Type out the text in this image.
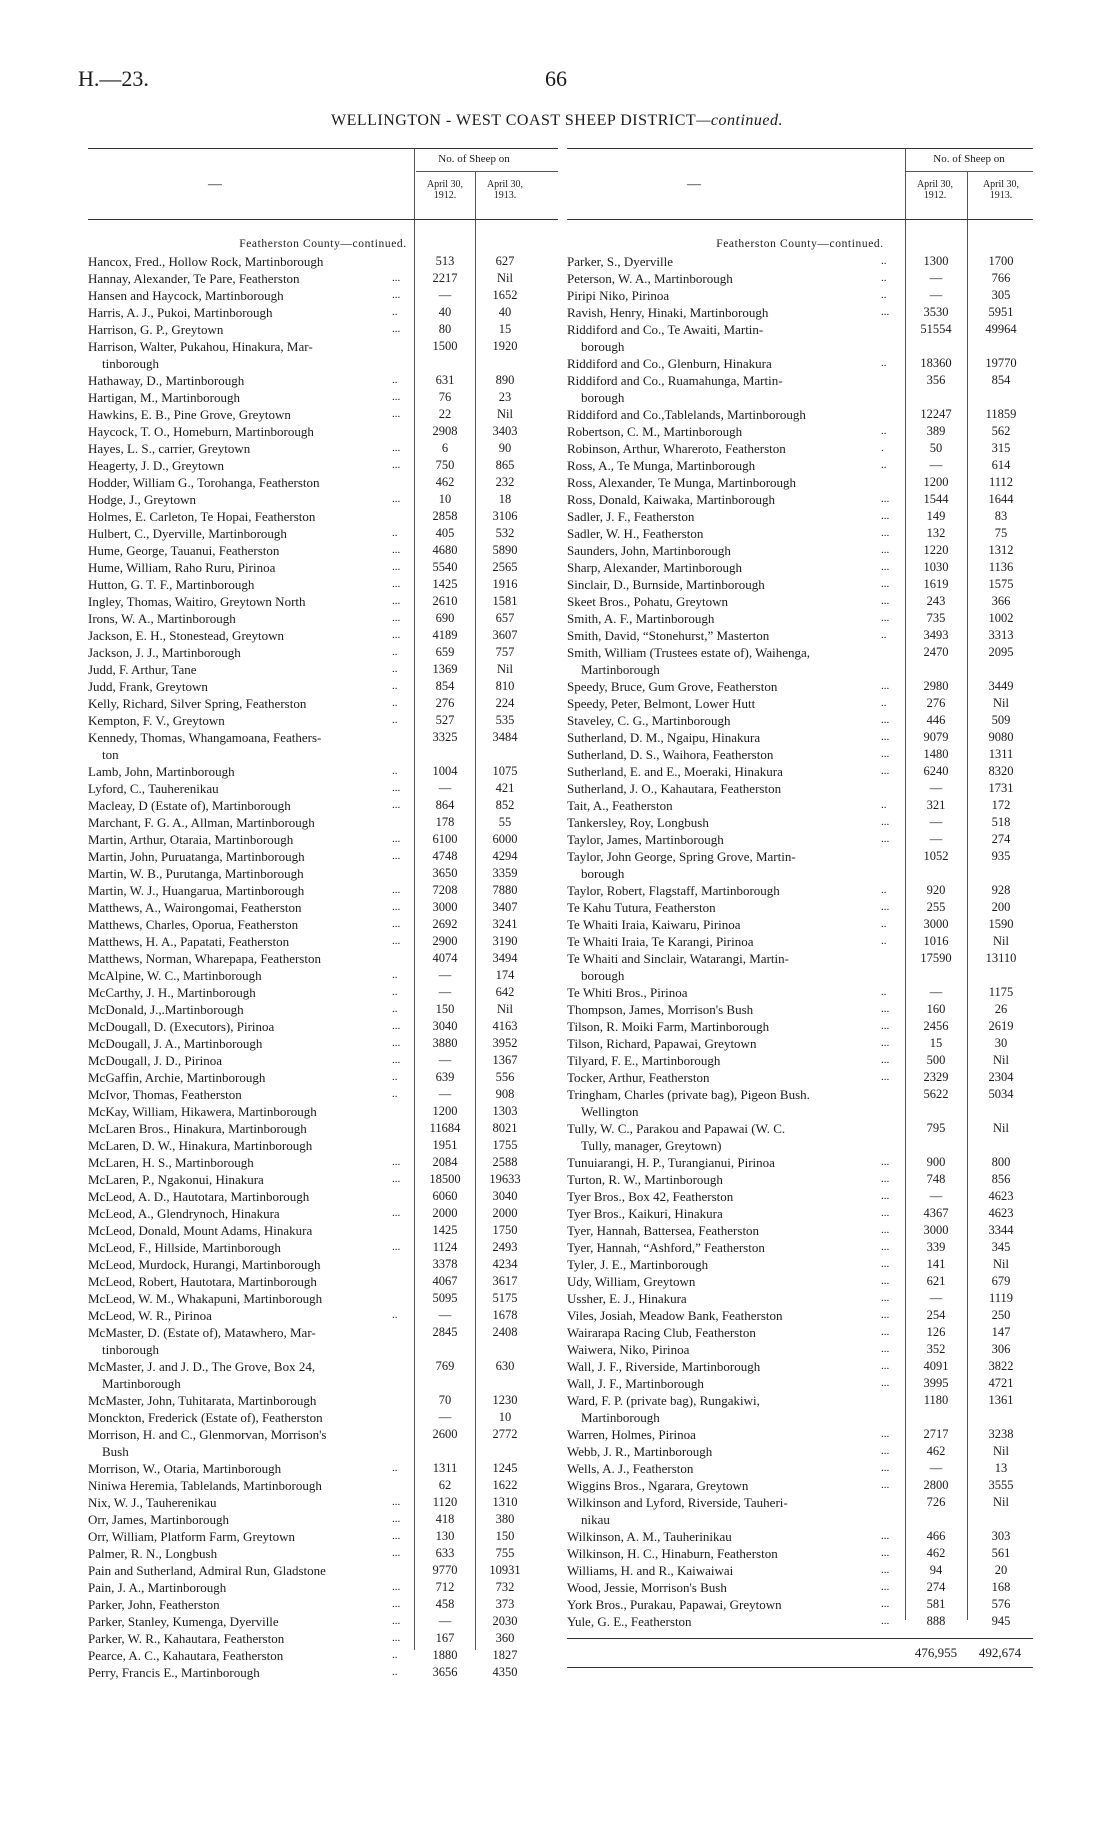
H.—23.	66
WELLINGTON - WEST COAST SHEEP DISTRICT—continued.
—
No. of Sheep on
April 30,
1912.
April 30,
1913.
Featherston County—continued.
Hancox, Fred., Hollow Rock, Martinborough	513	627
Hannay, Alexander, Te Pare, Featherston	...	2217	Nil
Hansen and Haycock, Martinborough	...	—	1652
Harris, A. J., Pukoi, Martinborough	..	40	40
Harrison, G. P., Greytown	...	80	15
Harrison, Walter, Pukahou, Hinakura, Mar-	1500	1920
tinborough
Hathaway, D., Martinborough	..	631	890
Hartigan, M., Martinborough	...	76	23
Hawkins, E. B., Pine Grove, Greytown	...	22	Nil
Haycock, T. O., Homeburn, Martinborough	2908	3403
Hayes, L. S., carrier, Greytown	...	6	90
Heagerty, J. D., Greytown	...	750	865
Hodder, William G., Torohanga, Featherston	462	232
Hodge, J., Greytown	...	10	18
Holmes, E. Carleton, Te Hopai, Featherston	2858	3106
Hulbert, C., Dyerville, Martinborough	..	405	532
Hume, George, Tauanui, Featherston	...	4680	5890
Hume, William, Raho Ruru, Pirinoa	...	5540	2565
Hutton, G. T. F., Martinborough	...	1425	1916
Ingley, Thomas, Waitiro, Greytown North	...	2610	1581
Irons, W. A., Martinborough	...	690	657
Jackson, E. H., Stonestead, Greytown	...	4189	3607
Jackson, J. J., Martinborough	..	659	757
Judd, F. Arthur, Tane	..	1369	Nil
Judd, Frank, Greytown	..	854	810
Kelly, Richard, Silver Spring, Featherston	..	276	224
Kempton, F. V., Greytown	..	527	535
Kennedy, Thomas, Whangamoana, Feathers-	3325	3484
ton
Lamb, John, Martinborough	..	1004	1075
Lyford, C., Tauherenikau	...	—	421
Macleay, D (Estate of), Martinborough	...	864	852
Marchant, F. G. A., Allman, Martinborough	178	55
Martin, Arthur, Otaraia, Martinborough	...	6100	6000
Martin, John, Puruatanga, Martinborough	...	4748	4294
Martin, W. B., Purutanga, Martinborough	3650	3359
Martin, W. J., Huangarua, Martinborough	...	7208	7880
Matthews, A., Wairongomai, Featherston	...	3000	3407
Matthews, Charles, Oporua, Featherston	...	2692	3241
Matthews, H. A., Papatati, Featherston	...	2900	3190
Matthews, Norman, Wharepapa, Featherston	4074	3494
McAlpine, W. C., Martinborough	..	—	174
McCarthy, J. H., Martinborough	..	—	642
McDonald, J.,.Martinborough	..	150	Nil
McDougall, D. (Executors), Pirinoa	...	3040	4163
McDougall, J. A., Martinborough	...	3880	3952
McDougall, J. D., Pirinoa	...	—	1367
McGaffin, Archie, Martinborough	..	639	556
McIvor, Thomas, Featherston	..	—	908
McKay, William, Hikawera, Martinborough	1200	1303
McLaren Bros., Hinakura, Martinborough	11684	8021
McLaren, D. W., Hinakura, Martinborough	1951	1755
McLaren, H. S., Martinborough	...	2084	2588
McLaren, P., Ngakonui, Hinakura	...	18500	19633
McLeod, A. D., Hautotara, Martinborough	6060	3040
McLeod, A., Glendrynoch, Hinakura	...	2000	2000
McLeod, Donald, Mount Adams, Hinakura	1425	1750
McLeod, F., Hillside, Martinborough	...	1124	2493
McLeod, Murdock, Hurangi, Martinborough	3378	4234
McLeod, Robert, Hautotara, Martinborough	4067	3617
McLeod, W. M., Whakapuni, Martinborough	5095	5175
McLeod, W. R., Pirinoa	..	—	1678
McMaster, D. (Estate of), Matawhero, Mar-	2845	2408
tinborough
McMaster, J. and J. D., The Grove, Box 24,	769	630
Martinborough
McMaster, John, Tuhitarata, Martinborough	70	1230
Monckton, Frederick (Estate of), Featherston	—	10
Morrison, H. and C., Glenmorvan, Morrison's	2600	2772
Bush
Morrison, W., Otaria, Martinborough	..	1311	1245
Niniwa Heremia, Tablelands, Martinborough	62	1622
Nix, W. J., Tauherenikau	...	1120	1310
Orr, James, Martinborough	...	418	380
Orr, William, Platform Farm, Greytown	...	130	150
Palmer, R. N., Longbush	...	633	755
Pain and Sutherland, Admiral Run, Gladstone	9770	10931
Pain, J. A., Martinborough	...	712	732
Parker, John, Featherston	...	458	373
Parker, Stanley, Kumenga, Dyerville	...	—	2030
Parker, W. R., Kahautara, Featherston	...	167	360
Pearce, A. C., Kahautara, Featherston	..	1880	1827
Perry, Francis E., Martinborough	..	3656	4350
—
No. of Sheep on
April 30,
1912.
April 30,
1913.
Featherston County—continued.
Parker, S., Dyerville	..	1300	1700
Peterson, W. A., Martinborough	..	—	766
Piripi Niko, Pirinoa	..	—	305
Ravish, Henry, Hinaki, Martinborough	...	3530	5951
Riddiford and Co., Te Awaiti, Martin-	51554	49964
borough
Riddiford and Co., Glenburn, Hinakura	..	18360	19770
Riddiford and Co., Ruamahunga, Martin-	356	854
borough
Riddiford and Co.,Tablelands, Martinborough	12247	11859
Robertson, C. M., Martinborough	..	389	562
Robinson, Arthur, Whareroto, Featherston	.	50	315
Ross, A., Te Munga, Martinborough	..	—	614
Ross, Alexander, Te Munga, Martinborough	1200	1112
Ross, Donald, Kaiwaka, Martinborough	...	1544	1644
Sadler, J. F., Featherston	...	149	83
Sadler, W. H., Featherston	...	132	75
Saunders, John, Martinborough	...	1220	1312
Sharp, Alexander, Martinborough	...	1030	1136
Sinclair, D., Burnside, Martinborough	...	1619	1575
Skeet Bros., Pohatu, Greytown	...	243	366
Smith, A. F., Martinborough	...	735	1002
Smith, David, “Stonehurst,” Masterton	..	3493	3313
Smith, William (Trustees estate of), Waihenga,	2470	2095
Martinborough
Speedy, Bruce, Gum Grove, Featherston	...	2980	3449
Speedy, Peter, Belmont, Lower Hutt	..	276	Nil
Staveley, C. G., Martinborough	...	446	509
Sutherland, D. M., Ngaipu, Hinakura	...	9079	9080
Sutherland, D. S., Waihora, Featherston	...	1480	1311
Sutherland, E. and E., Moeraki, Hinakura	...	6240	8320
Sutherland, J. O., Kahautara, Featherston	—	1731
Tait, A., Featherston	..	321	172
Tankersley, Roy, Longbush	...	—	518
Taylor, James, Martinborough	...	—	274
Taylor, John George, Spring Grove, Martin-	1052	935
borough
Taylor, Robert, Flagstaff, Martinborough	..	920	928
Te Kahu Tutura, Featherston	...	255	200
Te Whaiti Iraia, Kaiwaru, Pirinoa	..	3000	1590
Te Whaiti Iraia, Te Karangi, Pirinoa	..	1016	Nil
Te Whaiti and Sinclair, Watarangi, Martin-	17590	13110
borough
Te Whiti Bros., Pirinoa	..	—	1175
Thompson, James, Morrison's Bush	...	160	26
Tilson, R. Moiki Farm, Martinborough	...	2456	2619
Tilson, Richard, Papawai, Greytown	...	15	30
Tilyard, F. E., Martinborough	...	500	Nil
Tocker, Arthur, Featherston	...	2329	2304
Tringham, Charles (private bag), Pigeon Bush.	5622	5034
Wellington
Tully, W. C., Parakou and Papawai (W. C.	795	Nil
Tully, manager, Greytown)
Tunuiarangi, H. P., Turangianui, Pirinoa	...	900	800
Turton, R. W., Martinborough	...	748	856
Tyer Bros., Box 42, Featherston	...	—	4623
Tyer Bros., Kaikuri, Hinakura	...	4367	4623
Tyer, Hannah, Battersea, Featherston	...	3000	3344
Tyer, Hannah, “Ashford,” Featherston	...	339	345
Tyler, J. E., Martinborough	...	141	Nil
Udy, William, Greytown	...	621	679
Ussher, E. J., Hinakura	...	—	1119
Viles, Josiah, Meadow Bank, Featherston	...	254	250
Wairarapa Racing Club, Featherston	...	126	147
Waiwera, Niko, Pirinoa	...	352	306
Wall, J. F., Riverside, Martinborough	...	4091	3822
Wall, J. F., Martinborough	...	3995	4721
Ward, F. P. (private bag), Rungakiwi,	1180	1361
Martinborough
Warren, Holmes, Pirinoa	...	2717	3238
Webb, J. R., Martinborough	...	462	Nil
Wells, A. J., Featherston	...	—	13
Wiggins Bros., Ngarara, Greytown	...	2800	3555
Wilkinson and Lyford, Riverside, Tauheri-	726	Nil
nikau
Wilkinson, A. M., Tauherinikau	...	466	303
Wilkinson, H. C., Hinaburn, Featherston	...	462	561
Williams, H. and R., Kaiwaiwai	...	94	20
Wood, Jessie, Morrison's Bush	...	274	168
York Bros., Purakau, Papawai, Greytown	...	581	576
Yule, G. E., Featherston	...	888	945
476,955	492,674
